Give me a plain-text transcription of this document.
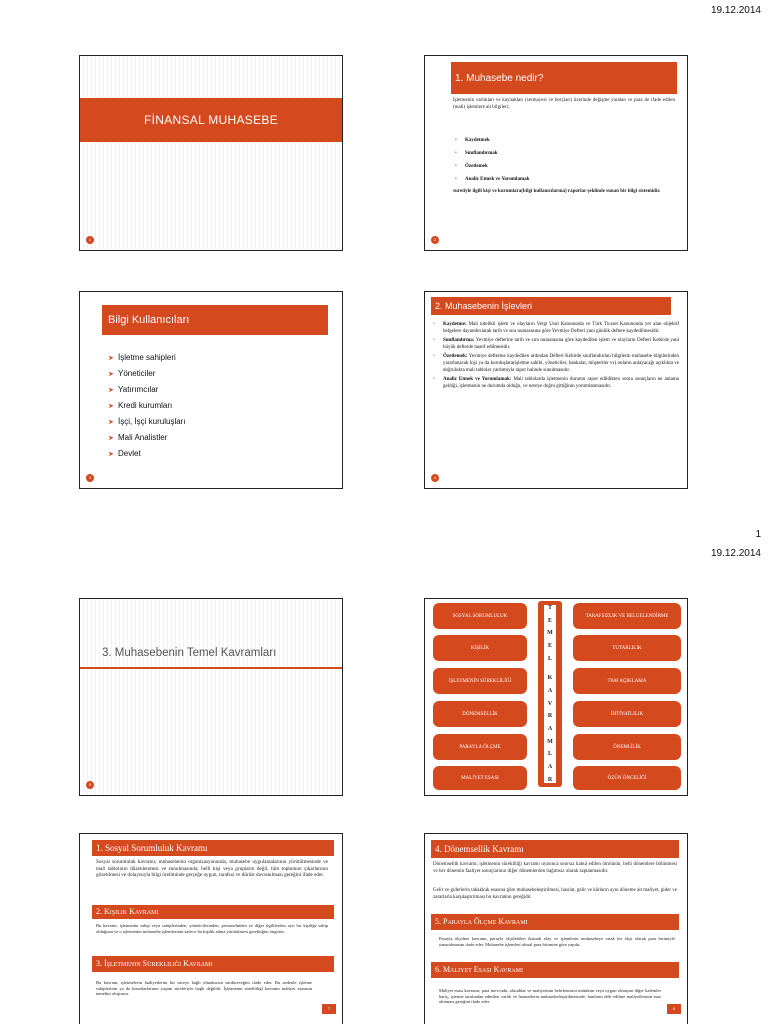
19.12.2014
1
19.12.2014
FİNANSAL MUHASEBE
1
1. Muhasebe nedir?
İşletmenin varlıkları ve kaynakları (sermayesi ve borçları) üzerinde değişme yaratan ve para ile ifade edilen (mali) işlemlere ait bilgileri;
• Kaydetmek
• Sınıflandırmak
• Özetlemek
• Analiz Etmek ve Yorumlamak
suretiyle ilgili kişi ve kurumlara(bilgi kullanıcılarına) raporlar şeklinde sunan bir bilgi sistemidir.
2
Bilgi Kullanıcıları
➤ İşletme sahipleri
➤ Yöneticiler
➤ Yatırımcılar
➤ Kredi kurumları
➤ İşçi, İşçi kuruluşları
➤ Mali Analistler
➤ Devlet
3
2. Muhasebenin İşlevleri
• Kaydetme: Mali nitelikli işlem ve olayların Vergi Usul Kanununda ve Türk Ticaret Kanununda yer alan objektif belgelere dayandırılarak tarih ve sıra numarasına göre Yevmiye Defteri yani günlük deftere kaydedilmesidir.
• Sınıflandırma: Yevmiye defterine tarih ve sıra numarasına göre kaydedilen işlem ve olayların Defteri Kebirde yani büyük defterde tasnif edilmesidir.
• Özetlemek: Yevmiye defterine kaydedilen ardından Defteri Kebirde sınıflandırılan bilgilerin muhasebe bilgilerinden yararlanacak kişi ya da kuruluşlara(işletme sahibi, yöneticiler, bankalar, müşteriler vs) onların anlayacağı açıklıkta ve doğrulukta mali tablolar yardımıyla rapor halinde sunulmasıdır.
• Analiz Etmek ve Yorumlamak: Mali tablolarda işletmenin durumu rapor edildikten sonra sonuçların ne anlama geldiği, işletmenin ne durumda olduğu, ve nereye doğru gittiğinin yorumlanmasıdır.
4
3. Muhasebenin Temel Kavramları
5
SOSYAL SORUMLULUK
KİŞİLİK
İŞLETMENİN SÜREKLİLİĞİ
DÖNEMSELLİK
PARAYLA ÖLÇME
MALİYET ESASI
T
E
M
E
L
K
A
V
R
A
M
L
A
R
TARAFSIZLIK VE BELGELENDİRME
TUTARLILIK
TAM AÇIKLAMA
İHTİYATLILIK
ÖNEMLİLİK
ÖZÜN ÖNCELİĞİ
1. Sosyal Sorumluluk Kavramı
Sosyal sorumluluk kavramı; muhasebenin organizasyonunda, muhasebe uygulamalarının yürütülmesinde ve mali tabloların düzenlenmesi ve sunulmasında; belli kişi veya grupların değil, tüm toplumun çıkarlarının gözetilmesi ve dolayısıyla bilgi üretiminde gerçeğe uygun, tarafsız ve dürüst davranılması gereğini ifade eder.
2. Kişilik Kavramı
Bu kavram, işletmenin sahip veya sahiplerinden, yöneticilerinden, personelinden ve diğer ilgililerden ayrı bir kişiliğe sahip olduğunu ve o işletmenin muhasebe işlemlerinin sadece bu kişilik adına yürütülmesi gerektiğini öngörür.
3. İşletmenin Sürekliliği Kavramı
Bu kavram, işletmelerin faaliyetlerini bir süreye bağlı olmaksızın sürdüreceğini ifade eder. Bu nedenle işletme sahiplerinin ya da hissedarlarının yaşam süreleriyle bağlı değildir. İşletmenin sürekliliği kavramı maliyet esasının temelini oluşturur.
7
4. Dönemsellik Kavramı
Dönemsellik kavramı; işletmenin sürekliliği kavramı uyarınca sınırsız kabul edilen ömrünün, belli dönemlere bölünmesi ve her dönemin faaliyet sonuçlarının diğer dönemlerden bağımsız olarak saptanmasıdır.
Gelir ve giderlerin tahakkuk esasına göre muhasebeleştirilmesi, hasılat, gelir ve kârların aynı döneme ait maliyet, gider ve zararlarla karşılaştırılması bu kavramın gereğidir.
5. Parayla Ölçme Kavramı
Parayla ölçülme kavramı, parayla ölçülebilen iktisadi olay ve işlemlerin muhasebeye ortak bir ölçü olarak para birimiyle yansıtılmasını ifade eder. Muhasebe işlemleri ulusal para birimine göre yapılır.
6. Maliyet Esası Kavramı
Maliyet esası kavramı; para mevcudu, alacaklar ve maliyetinin belirlenmesi mümkün veya uygun olmayan diğer kalemler hariç, işletme tarafından edinilen varlık ve hizmetlerin muhasebeleştirilmesinde, bunların elde edilme maliyetlerinin esas alınması gereğini ifade eder.
8
